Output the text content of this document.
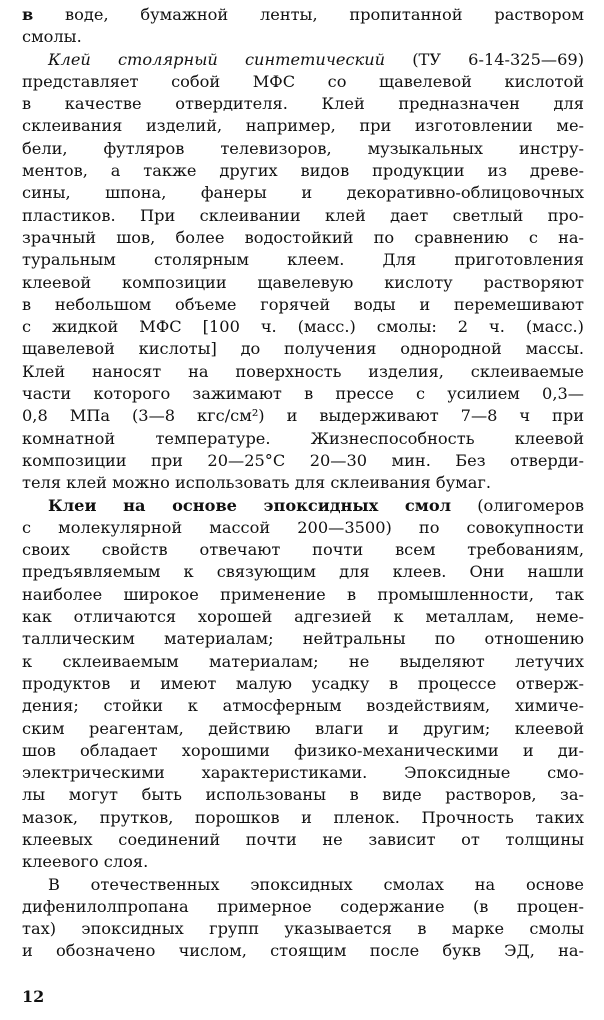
в воде, бумажной ленты, пропитанной раствором
смолы.
Клей столярный синтетический (ТУ 6-14-325—69)
представляет собой МФС со щавелевой кислотой
в качестве отвердителя. Клей предназначен для
склеивания изделий, например, при изготовлении ме-
бели, футляров телевизоров, музыкальных инстру-
ментов, а также других видов продукции из древе-
сины, шпона, фанеры и декоративно-облицовочных
пластиков. При склеивании клей дает светлый про-
зрачный шов, более водостойкий по сравнению с на-
туральным столярным клеем. Для приготовления
клеевой композиции щавелевую кислоту растворяют
в небольшом объеме горячей воды и перемешивают
с жидкой МФС [100 ч. (масс.) смолы: 2 ч. (масс.)
щавелевой кислоты] до получения однородной массы.
Клей наносят на поверхность изделия, склеиваемые
части которого зажимают в прессе с усилием 0,3—
0,8 МПа (3—8 кгс/см²) и выдерживают 7—8 ч при
комнатной температуре. Жизнеспособность клеевой
композиции при 20—25°С 20—30 мин. Без отверди-
теля клей можно использовать для склеивания бумаг.
Клеи на основе эпоксидных смол (олигомеров
с молекулярной массой 200—3500) по совокупности
своих свойств отвечают почти всем требованиям,
предъявляемым к связующим для клеев. Они нашли
наиболее широкое применение в промышленности, так
как отличаются хорошей адгезией к металлам, неме-
таллическим материалам; нейтральны по отношению
к склеиваемым материалам; не выделяют летучих
продуктов и имеют малую усадку в процессе отверж-
дения; стойки к атмосферным воздействиям, химиче-
ским реагентам, действию влаги и другим; клеевой
шов обладает хорошими физико-механическими и ди-
электрическими характеристиками. Эпоксидные смо-
лы могут быть использованы в виде растворов, за-
мазок, прутков, порошков и пленок. Прочность таких
клеевых соединений почти не зависит от толщины
клеевого слоя.
В отечественных эпоксидных смолах на основе
дифенилолпропана примерное содержание (в процен-
тах) эпоксидных групп указывается в марке смолы
и обозначено числом, стоящим после букв ЭД, на-
12
